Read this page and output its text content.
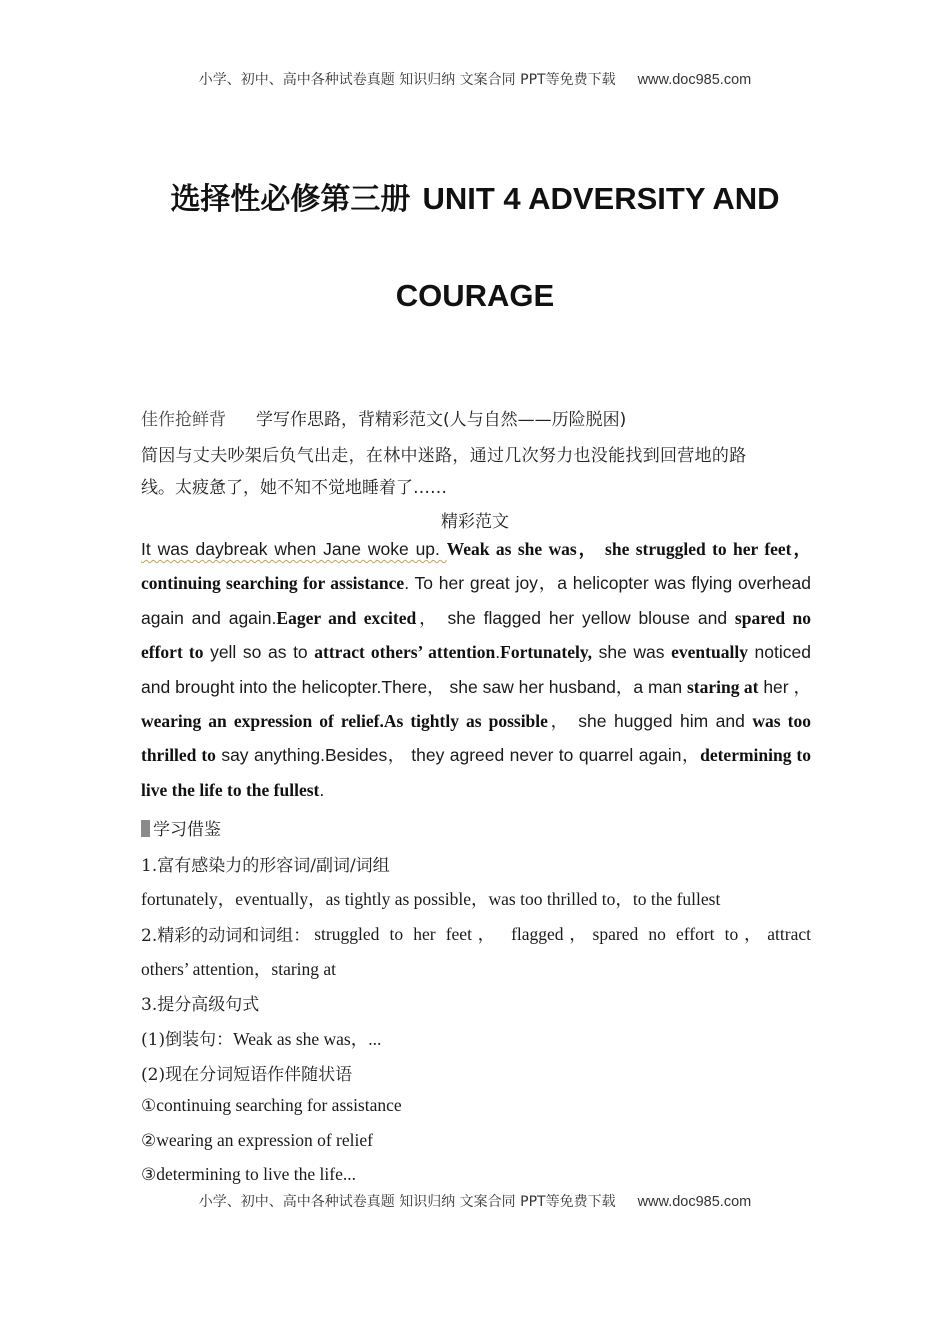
小学、初中、高中各种试卷真题 知识归纳 文案合同 PPT等免费下载 www.doc985.com
选择性必修第三册 UNIT 4 ADVERSITY AND
COURAGE
佳作抢鲜背 学写作思路，背精彩范文(人与自然——历险脱困)
简因与丈夫吵架后负气出走，在林中迷路，通过几次努力也没能找到回营地的路
线。太疲惫了，她不知不觉地睡着了……
精彩范文
It was daybreak when Jane woke up. Weak as she was， she struggled to her feet， continuing searching for assistance. To her great joy，a helicopter was flying overhead again and again.Eager and excited， she flagged her yellow blouse and spared no effort to yell so as to attract others’ attention.Fortunately, she was eventually noticed and brought into the helicopter.There， she saw her husband，a man staring at her ，wearing an expression of relief.As tightly as possible， she hugged him and was too thrilled to say anything.Besides， they agreed never to quarrel again，determining to live the life to the fullest.
学习借鉴
1.富有感染力的形容词/副词/词组
fortunately，eventually，as tightly as possible，was too thrilled to，to the fullest
2.精彩的动词和词组： struggled to her feet， flagged，spared no effort to，attract
others’ attention，staring at
3.提分高级句式
(1)倒装句：Weak as she was，...
(2)现在分词短语作伴随状语
①continuing searching for assistance
②wearing an expression of relief
③determining to live the life...
小学、初中、高中各种试卷真题 知识归纳 文案合同 PPT等免费下载 www.doc985.com
